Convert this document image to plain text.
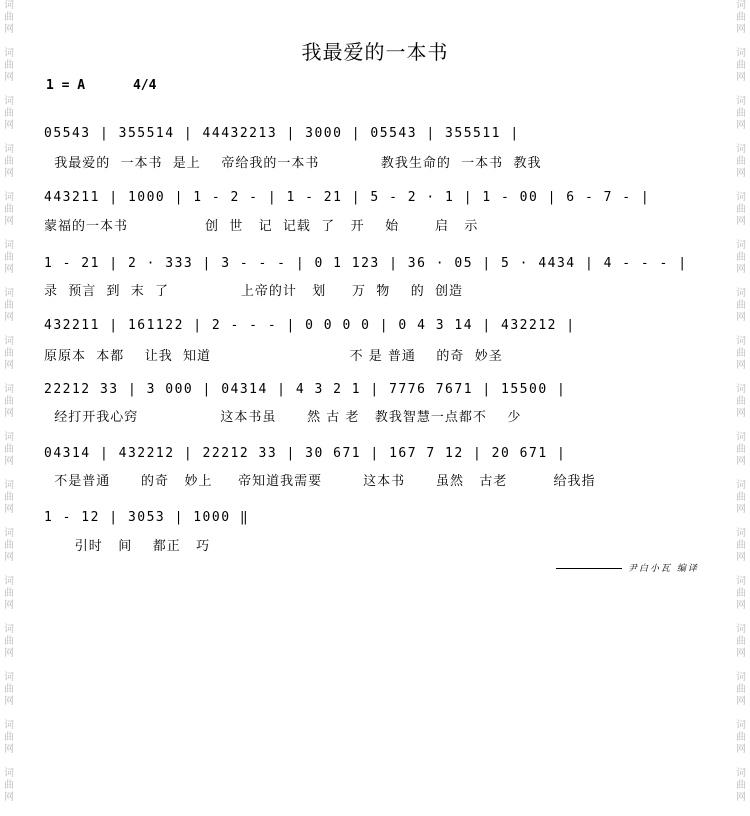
词
曲
网

词
曲
网

词
曲
网

词
曲
网

词
曲
网

词
曲
网

词
曲
网

词
曲
网

词
曲
网

词
曲
网

词
曲
网

词
曲
网

词
曲
网

词
曲
网

词
曲
网

词
曲
网

词
曲
网

词
曲
网

词
曲
网

词
曲
网

词
曲
网

词
曲
网

词
曲
网

词
曲
网

词
曲
网

词
曲
网

词
曲
网

词
曲
网

词
曲
网

词
曲
网

词
曲
网

词
曲
网

词
曲
网

词
曲
网

我最爱的一本书
1 = A	4/4
05543 | 355514 | 44432213 | 3000 | 05543 | 355511 |
我最爱的  一本书  是上    帝给我的一本书            教我生命的  一本书  教我
443211 | 1000 | 1 - 2 - | 1 - 21 | 5 - 2 · 1 | 1 - 00 | 6 - 7 - |
蒙福的一本书               创  世   记  记载  了   开    始       启   示
1 - 21 | 2 · 333 | 3 - - - | 0 1 123 | 36 · 05 | 5 · 4434 | 4 - - - |
录  预言  到  末  了              上帝的计   划     万  物    的  创造
432211 | 161122 | 2 - - - | 0 0 0 0 | 0 4 3 14 | 432212 |
原原本  本都    让我  知道                           不 是 普通    的奇  妙圣
22212 33 | 3 000 | 04314 | 4 3 2 1 | 7776 7671 | 15500 |
经打开我心窍                这本书虽      然 古 老   教我智慧一点都不    少
04314 | 432212 | 22212 33 | 30 671 | 167 7 12 | 20 671 |
不是普通      的奇   妙上     帝知道我需要        这本书      虽然   古老         给我指
1 - 12 | 3053 | 1000 ‖
引时   间    都正   巧
尹白小瓦 编译
